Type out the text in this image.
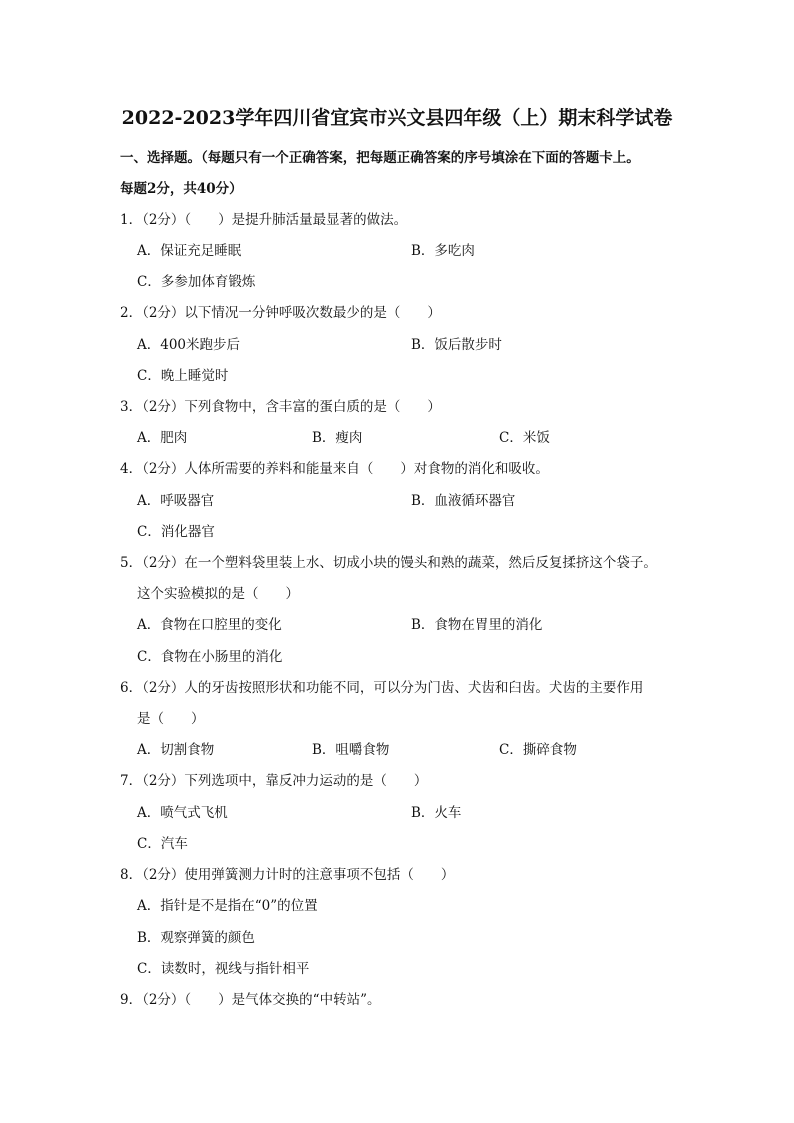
2022-2023学年四川省宜宾市兴文县四年级（上）期末科学试卷
一、选择题。（每题只有一个正确答案，把每题正确答案的序号填涂在下面的答题卡上。
每题2分，共40分）
1．（2分）（　　）是提升肺活量最显著的做法。
A．保证充足睡眠	B．多吃肉
C．多参加体育锻炼
2．（2分）以下情况一分钟呼吸次数最少的是（　　）
A．400米跑步后	B．饭后散步时
C．晚上睡觉时
3．（2分）下列食物中，含丰富的蛋白质的是（　　）
A．肥肉	B．瘦肉	C．米饭
4．（2分）人体所需要的养料和能量来自（　　）对食物的消化和吸收。
A．呼吸器官	B．血液循环器官
C．消化器官
5．（2分）在一个塑料袋里装上水、切成小块的馒头和熟的蔬菜，然后反复揉挤这个袋子。
这个实验模拟的是（　　）
A．食物在口腔里的变化	B．食物在胃里的消化
C．食物在小肠里的消化
6．（2分）人的牙齿按照形状和功能不同，可以分为门齿、犬齿和臼齿。犬齿的主要作用
是（　　）
A．切割食物	B．咀嚼食物	C．撕碎食物
7．（2分）下列选项中，靠反冲力运动的是（　　）
A．喷气式飞机	B．火车
C．汽车
8．（2分）使用弹簧测力计时的注意事项不包括（　　）
A．指针是不是指在“0”的位置
B．观察弹簧的颜色
C．读数时，视线与指针相平
9．（2分）（　　）是气体交换的“中转站”。
